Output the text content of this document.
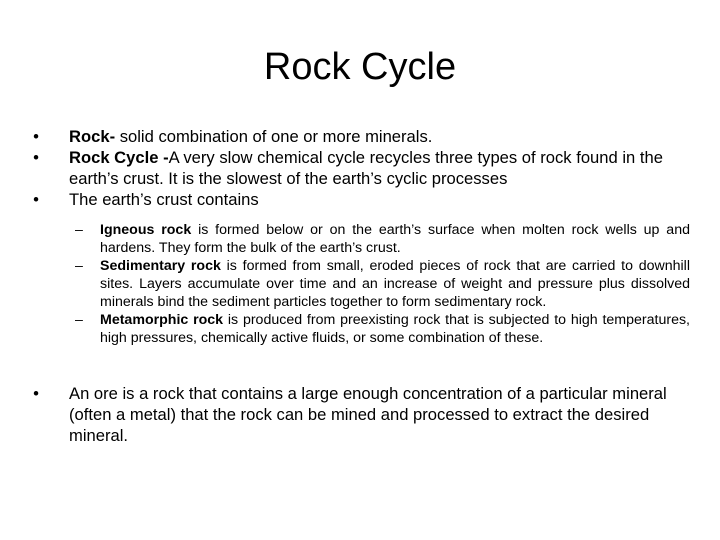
Rock Cycle
•	Rock- solid combination of one or more minerals.
•	Rock Cycle -A very slow chemical cycle recycles three types of rock found in the earth’s crust. It is the slowest of the earth’s cyclic processes
•	The earth’s crust contains
–	Igneous rock is formed below or on the earth’s surface when molten rock wells up and hardens. They form the bulk of the earth’s crust.
–	Sedimentary rock is formed from small, eroded pieces of rock that are carried to downhill sites. Layers accumulate over time and an increase of weight and pressure plus dissolved minerals bind the sediment particles together to form sedimentary rock.
–	Metamorphic rock is produced from preexisting rock that is subjected to high temperatures, high pressures, chemically active fluids, or some combination of these.
•	An ore is a rock that contains a large enough concentration of a particular mineral (often a metal) that the rock can be mined and processed to extract the desired mineral.
